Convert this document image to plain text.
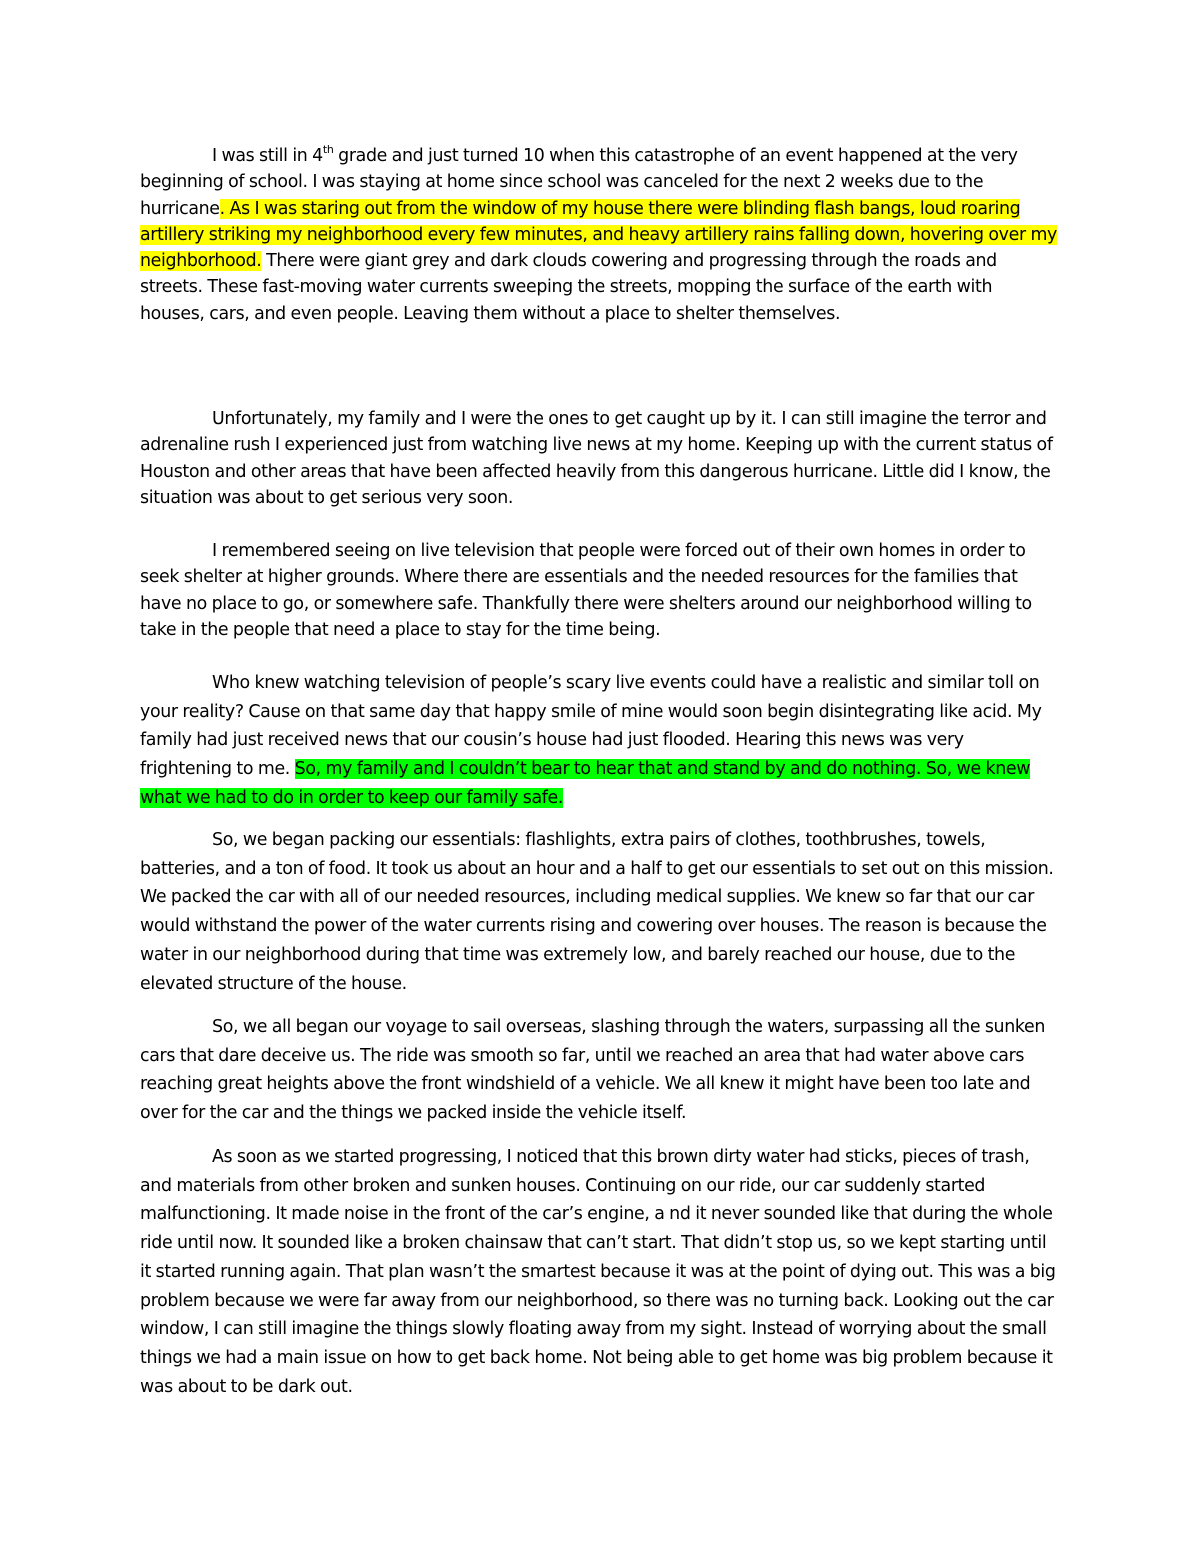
I was still in 4th grade and just turned 10 when this catastrophe of an event happened at the very beginning of school. I was staying at home since school was canceled for the next 2 weeks due to the hurricane. As I was staring out from the window of my house there were blinding flash bangs, loud roaring artillery striking my neighborhood every few minutes, and heavy artillery rains falling down, hovering over my neighborhood. There were giant grey and dark clouds cowering and progressing through the roads and streets. These fast-moving water currents sweeping the streets, mopping the surface of the earth with houses, cars, and even people. Leaving them without a place to shelter themselves.

Unfortunately, my family and I were the ones to get caught up by it. I can still imagine the terror and adrenaline rush I experienced just from watching live news at my home. Keeping up with the current status of Houston and other areas that have been affected heavily from this dangerous hurricane. Little did I know, the situation was about to get serious very soon.

I remembered seeing on live television that people were forced out of their own homes in order to seek shelter at higher grounds. Where there are essentials and the needed resources for the families that have no place to go, or somewhere safe. Thankfully there were shelters around our neighborhood willing to take in the people that need a place to stay for the time being.

Who knew watching television of people’s scary live events could have a realistic and similar toll on your reality? Cause on that same day that happy smile of mine would soon begin disintegrating like acid. My family had just received news that our cousin’s house had just flooded. Hearing this news was very frightening to me. So, my family and I couldn’t bear to hear that and stand by and do nothing. So, we knew what we had to do in order to keep our family safe.

So, we began packing our essentials: flashlights, extra pairs of clothes, toothbrushes, towels, batteries, and a ton of food. It took us about an hour and a half to get our essentials to set out on this mission. We packed the car with all of our needed resources, including medical supplies. We knew so far that our car would withstand the power of the water currents rising and cowering over houses. The reason is because the water in our neighborhood during that time was extremely low, and barely reached our house, due to the elevated structure of the house.

So, we all began our voyage to sail overseas, slashing through the waters, surpassing all the sunken cars that dare deceive us. The ride was smooth so far, until we reached an area that had water above cars reaching great heights above the front windshield of a vehicle. We all knew it might have been too late and over for the car and the things we packed inside the vehicle itself.

As soon as we started progressing, I noticed that this brown dirty water had sticks, pieces of trash, and materials from other broken and sunken houses. Continuing on our ride, our car suddenly started malfunctioning. It made noise in the front of the car’s engine, a nd it never sounded like that during the whole ride until now. It sounded like a broken chainsaw that can’t start. That didn’t stop us, so we kept starting until it started running again. That plan wasn’t the smartest because it was at the point of dying out. This was a big problem because we were far away from our neighborhood, so there was no turning back. Looking out the car window, I can still imagine the things slowly floating away from my sight. Instead of worrying about the small things we had a main issue on how to get back home. Not being able to get home was big problem because it was about to be dark out.
